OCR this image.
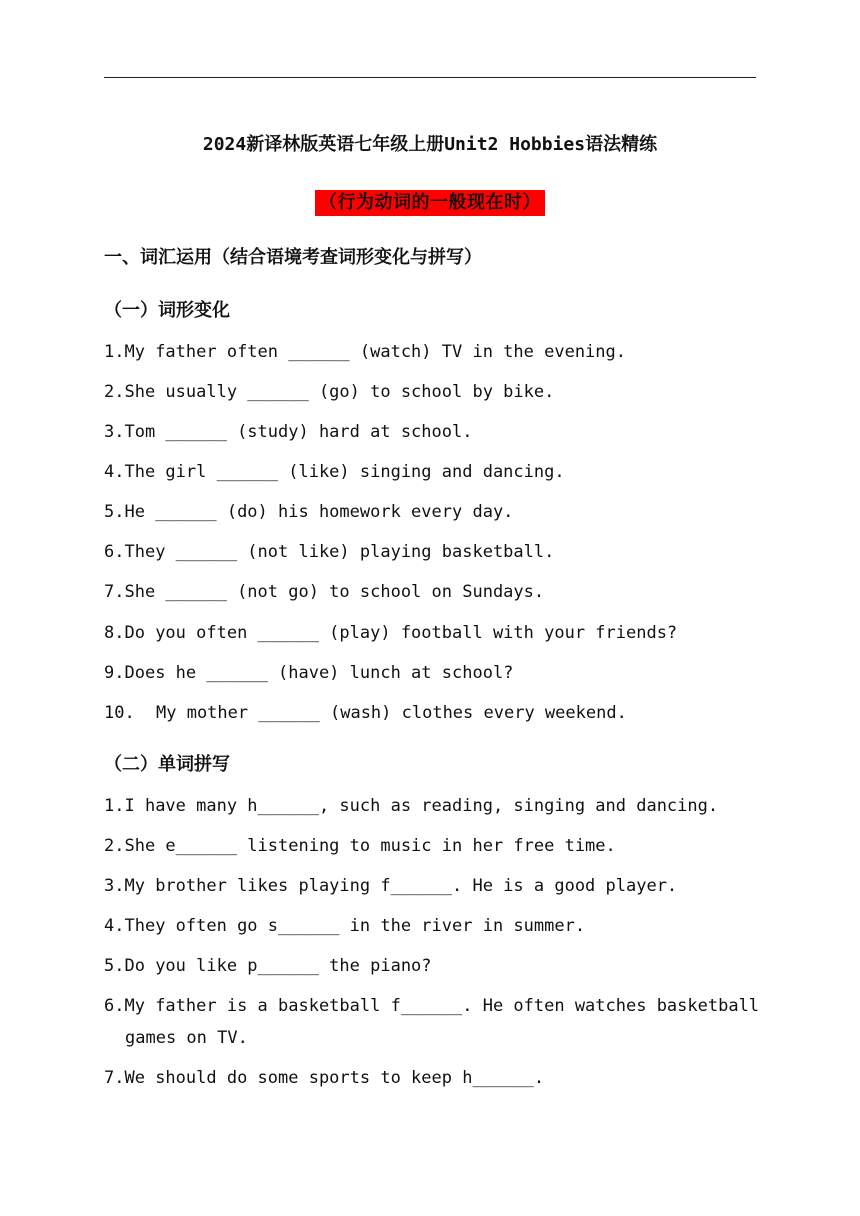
2024新译林版英语七年级上册Unit2 Hobbies语法精练
（行为动词的一般现在时）
一、词汇运用（结合语境考查词形变化与拼写）
（一）词形变化
1.My father often ______ (watch) TV in the evening.
2.She usually ______ (go) to school by bike.
3.Tom ______ (study) hard at school.
4.The girl ______ (like) singing and dancing.
5.He ______ (do) his homework every day.
6.They ______ (not like) playing basketball.
7.She ______ (not go) to school on Sundays.
8.Do you often ______ (play) football with your friends?
9.Does he ______ (have) lunch at school?
10. My mother ______ (wash) clothes every weekend.
（二）单词拼写
1.I have many h______, such as reading, singing and dancing.
2.She e______ listening to music in her free time.
3.My brother likes playing f______. He is a good player.
4.They often go s______ in the river in summer.
5.Do you like p______ the piano?
6.My father is a basketball f______. He often watches basketball
games on TV.
7.We should do some sports to keep h______.
